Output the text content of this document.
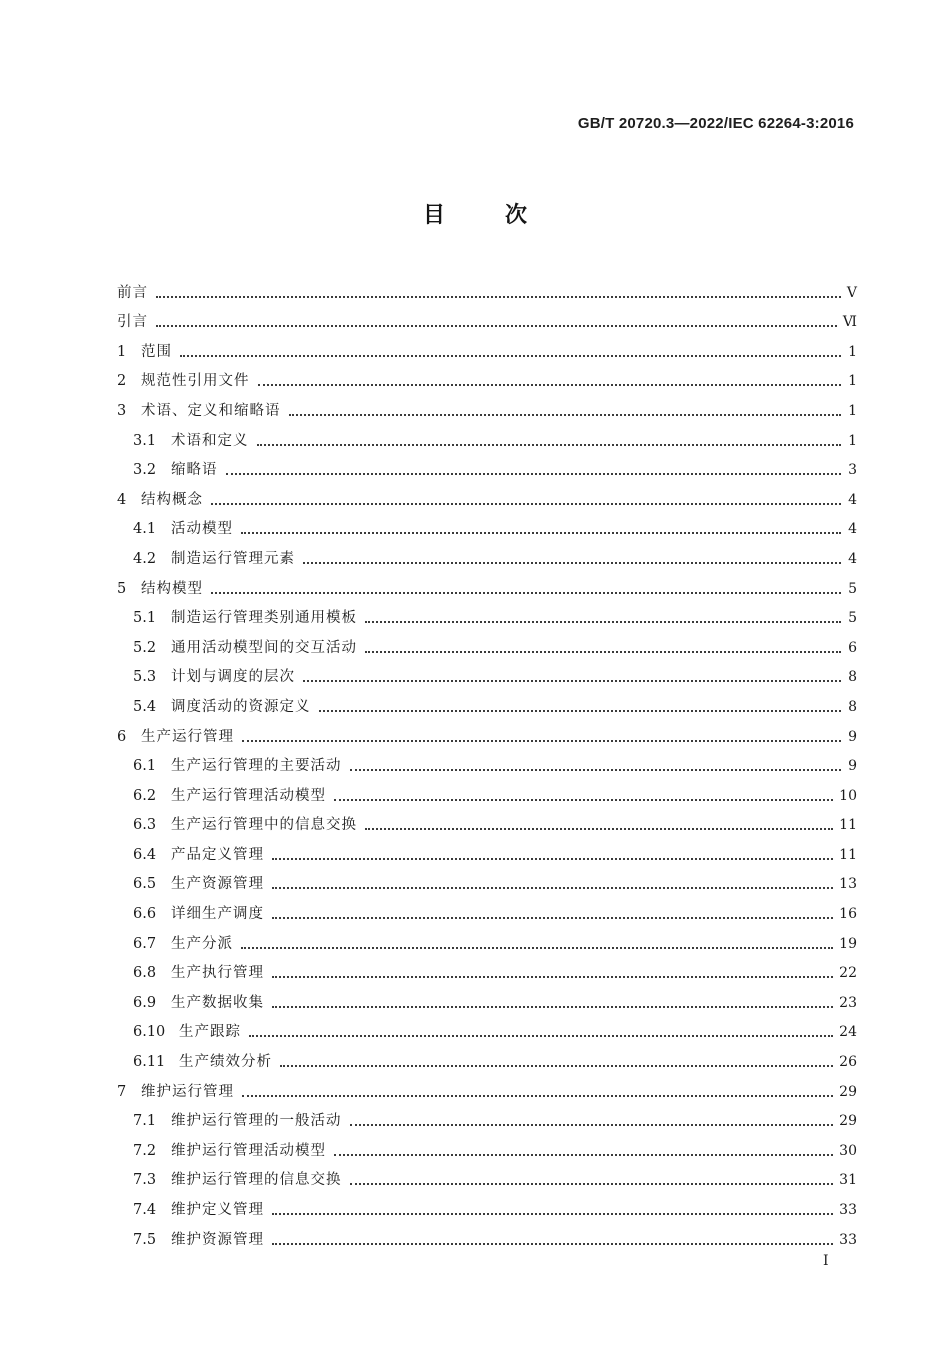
GB/T 20720.3—2022/IEC 62264-3:2016
目次
前言	Ⅴ
引言	Ⅵ
1	范围	1
2	规范性引用文件	1
3	术语、定义和缩略语	1
3.1	术语和定义	1
3.2	缩略语	3
4	结构概念	4
4.1	活动模型	4
4.2	制造运行管理元素	4
5	结构模型	5
5.1	制造运行管理类别通用模板	5
5.2	通用活动模型间的交互活动	6
5.3	计划与调度的层次	8
5.4	调度活动的资源定义	8
6	生产运行管理	9
6.1	生产运行管理的主要活动	9
6.2	生产运行管理活动模型	10
6.3	生产运行管理中的信息交换	11
6.4	产品定义管理	11
6.5	生产资源管理	13
6.6	详细生产调度	16
6.7	生产分派	19
6.8	生产执行管理	22
6.9	生产数据收集	23
6.10 生产跟踪	24
6.11 生产绩效分析	26
7	维护运行管理	29
7.1	维护运行管理的一般活动	29
7.2	维护运行管理活动模型	30
7.3	维护运行管理的信息交换	31
7.4	维护定义管理	33
7.5	维护资源管理	33
Ⅰ
